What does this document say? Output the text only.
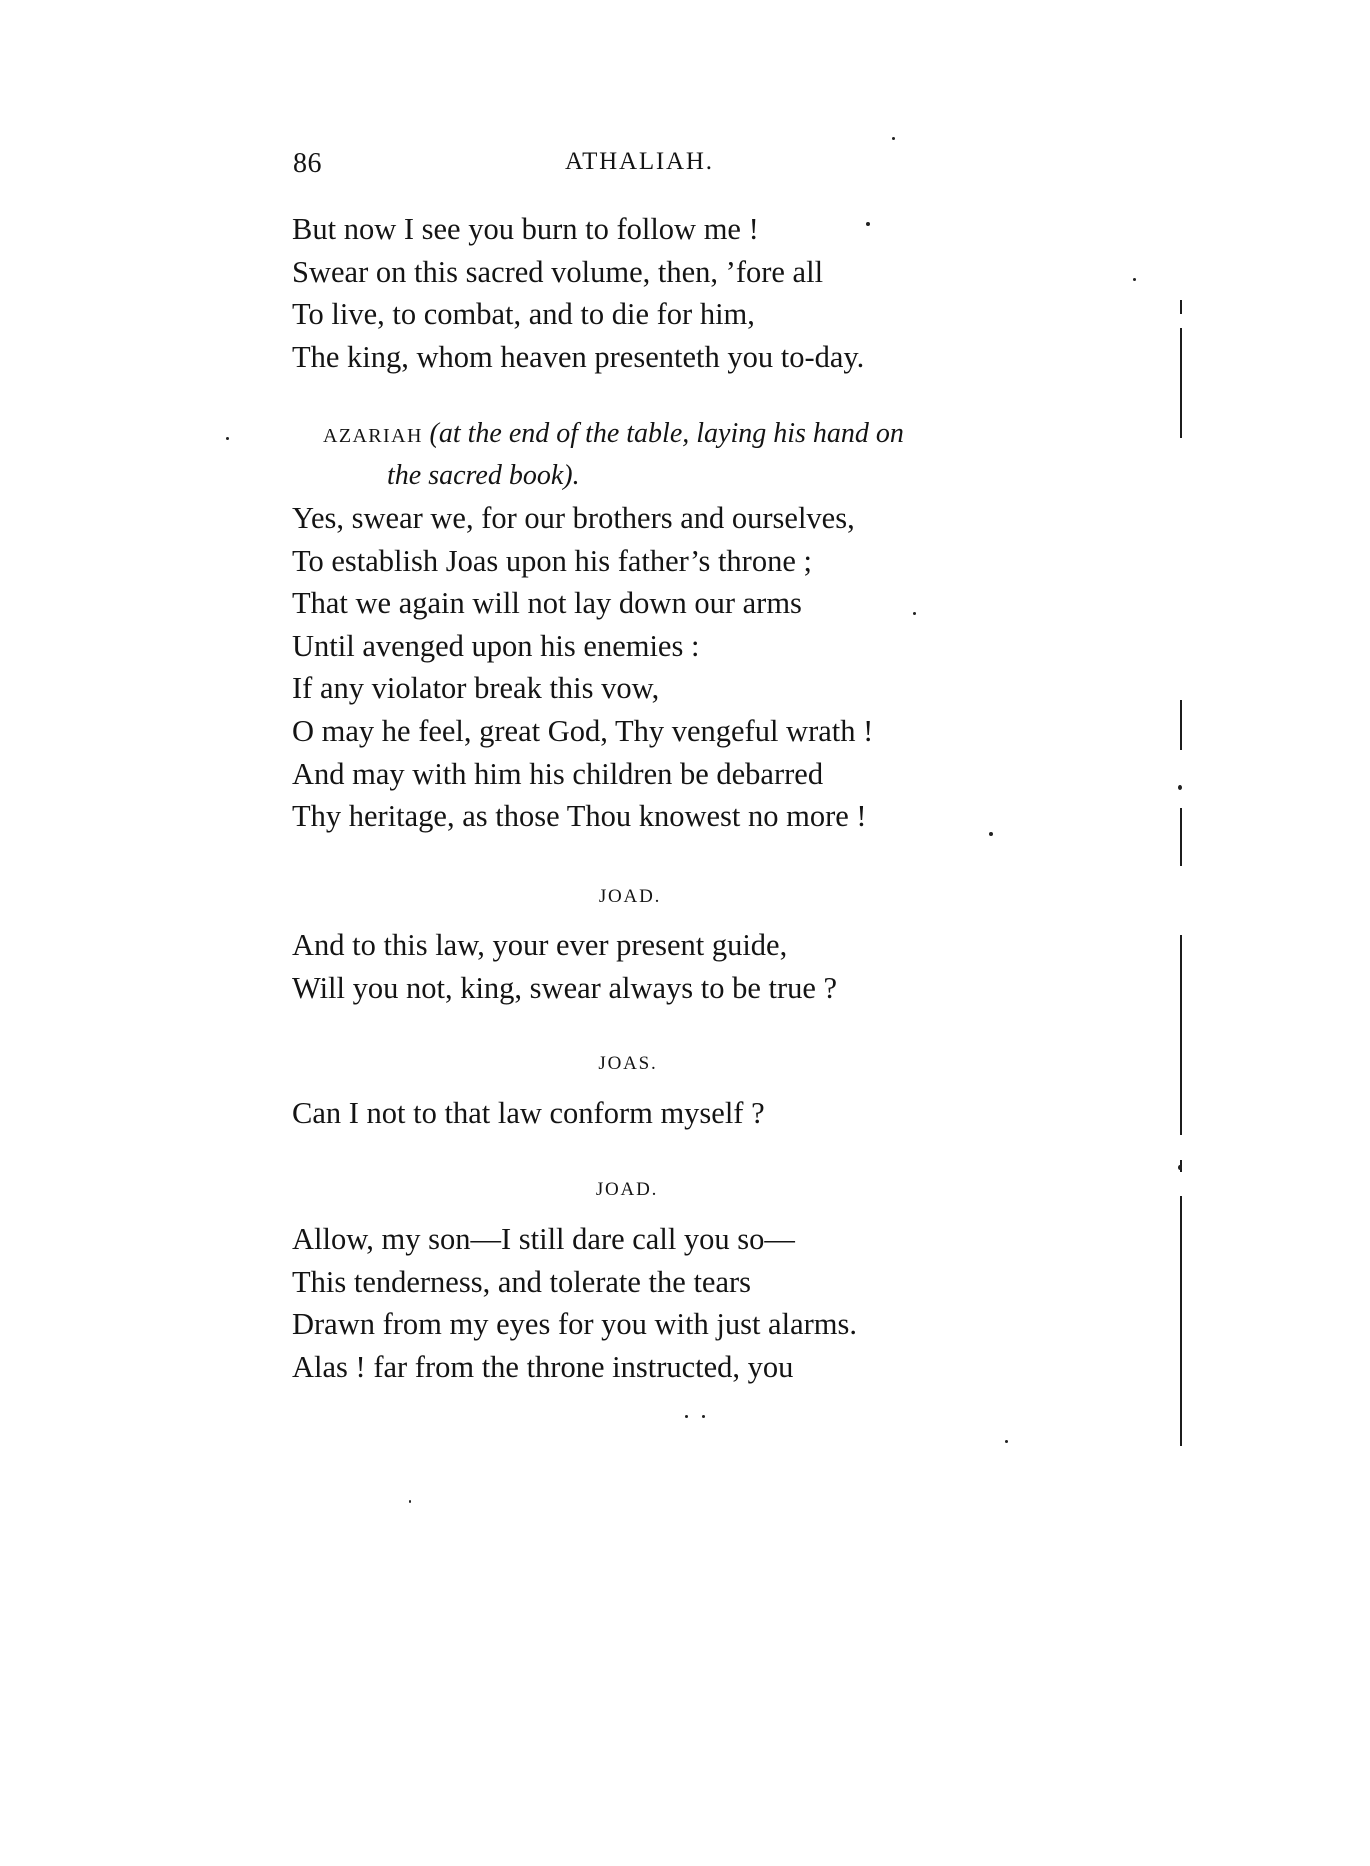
86	ATHALIAH.
But now I see you burn to follow me !
Swear on this sacred volume, then, ’fore all
To live, to combat, and to die for him,
The king, whom heaven presenteth you to-day.
AZARIAH (at the end of the table, laying his hand on
the sacred book).
Yes, swear we, for our brothers and ourselves,
To establish Joas upon his father’s throne ;
That we again will not lay down our arms
Until avenged upon his enemies :
If any violator break this vow,
O may he feel, great God, Thy vengeful wrath !
And may with him his children be debarred
Thy heritage, as those Thou knowest no more !
JOAD.
And to this law, your ever present guide,
Will you not, king, swear always to be true ?
JOAS.
Can I not to that law conform myself ?
JOAD.
Allow, my son—I still dare call you so—
This tenderness, and tolerate the tears
Drawn from my eyes for you with just alarms.
Alas ! far from the throne instructed, you
